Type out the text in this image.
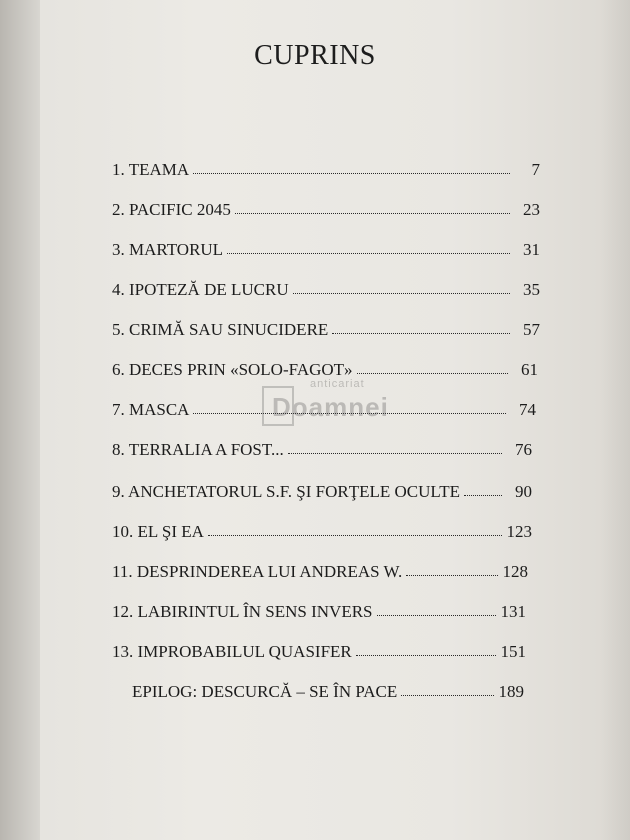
CUPRINS
1. TEAMA	7
2. PACIFIC 2045	23
3. MARTORUL	31
4. IPOTEZĂ DE LUCRU	35
5. CRIMĂ SAU SINUCIDERE	57
6. DECES PRIN «SOLO-FAGOT»	61
7. MASCA	74
8. TERRALIA A FOST...	76
9. ANCHETATORUL S.F. ŞI FORŢELE OCULTE	90
10. EL ŞI EA	123
11. DESPRINDEREA LUI ANDREAS W.	128
12. LABIRINTUL ÎN SENS INVERS	131
13. IMPROBABILUL QUASIFER	151
EPILOG: DESCURCĂ – SE ÎN PACE	189
anticariat
Doamnei
